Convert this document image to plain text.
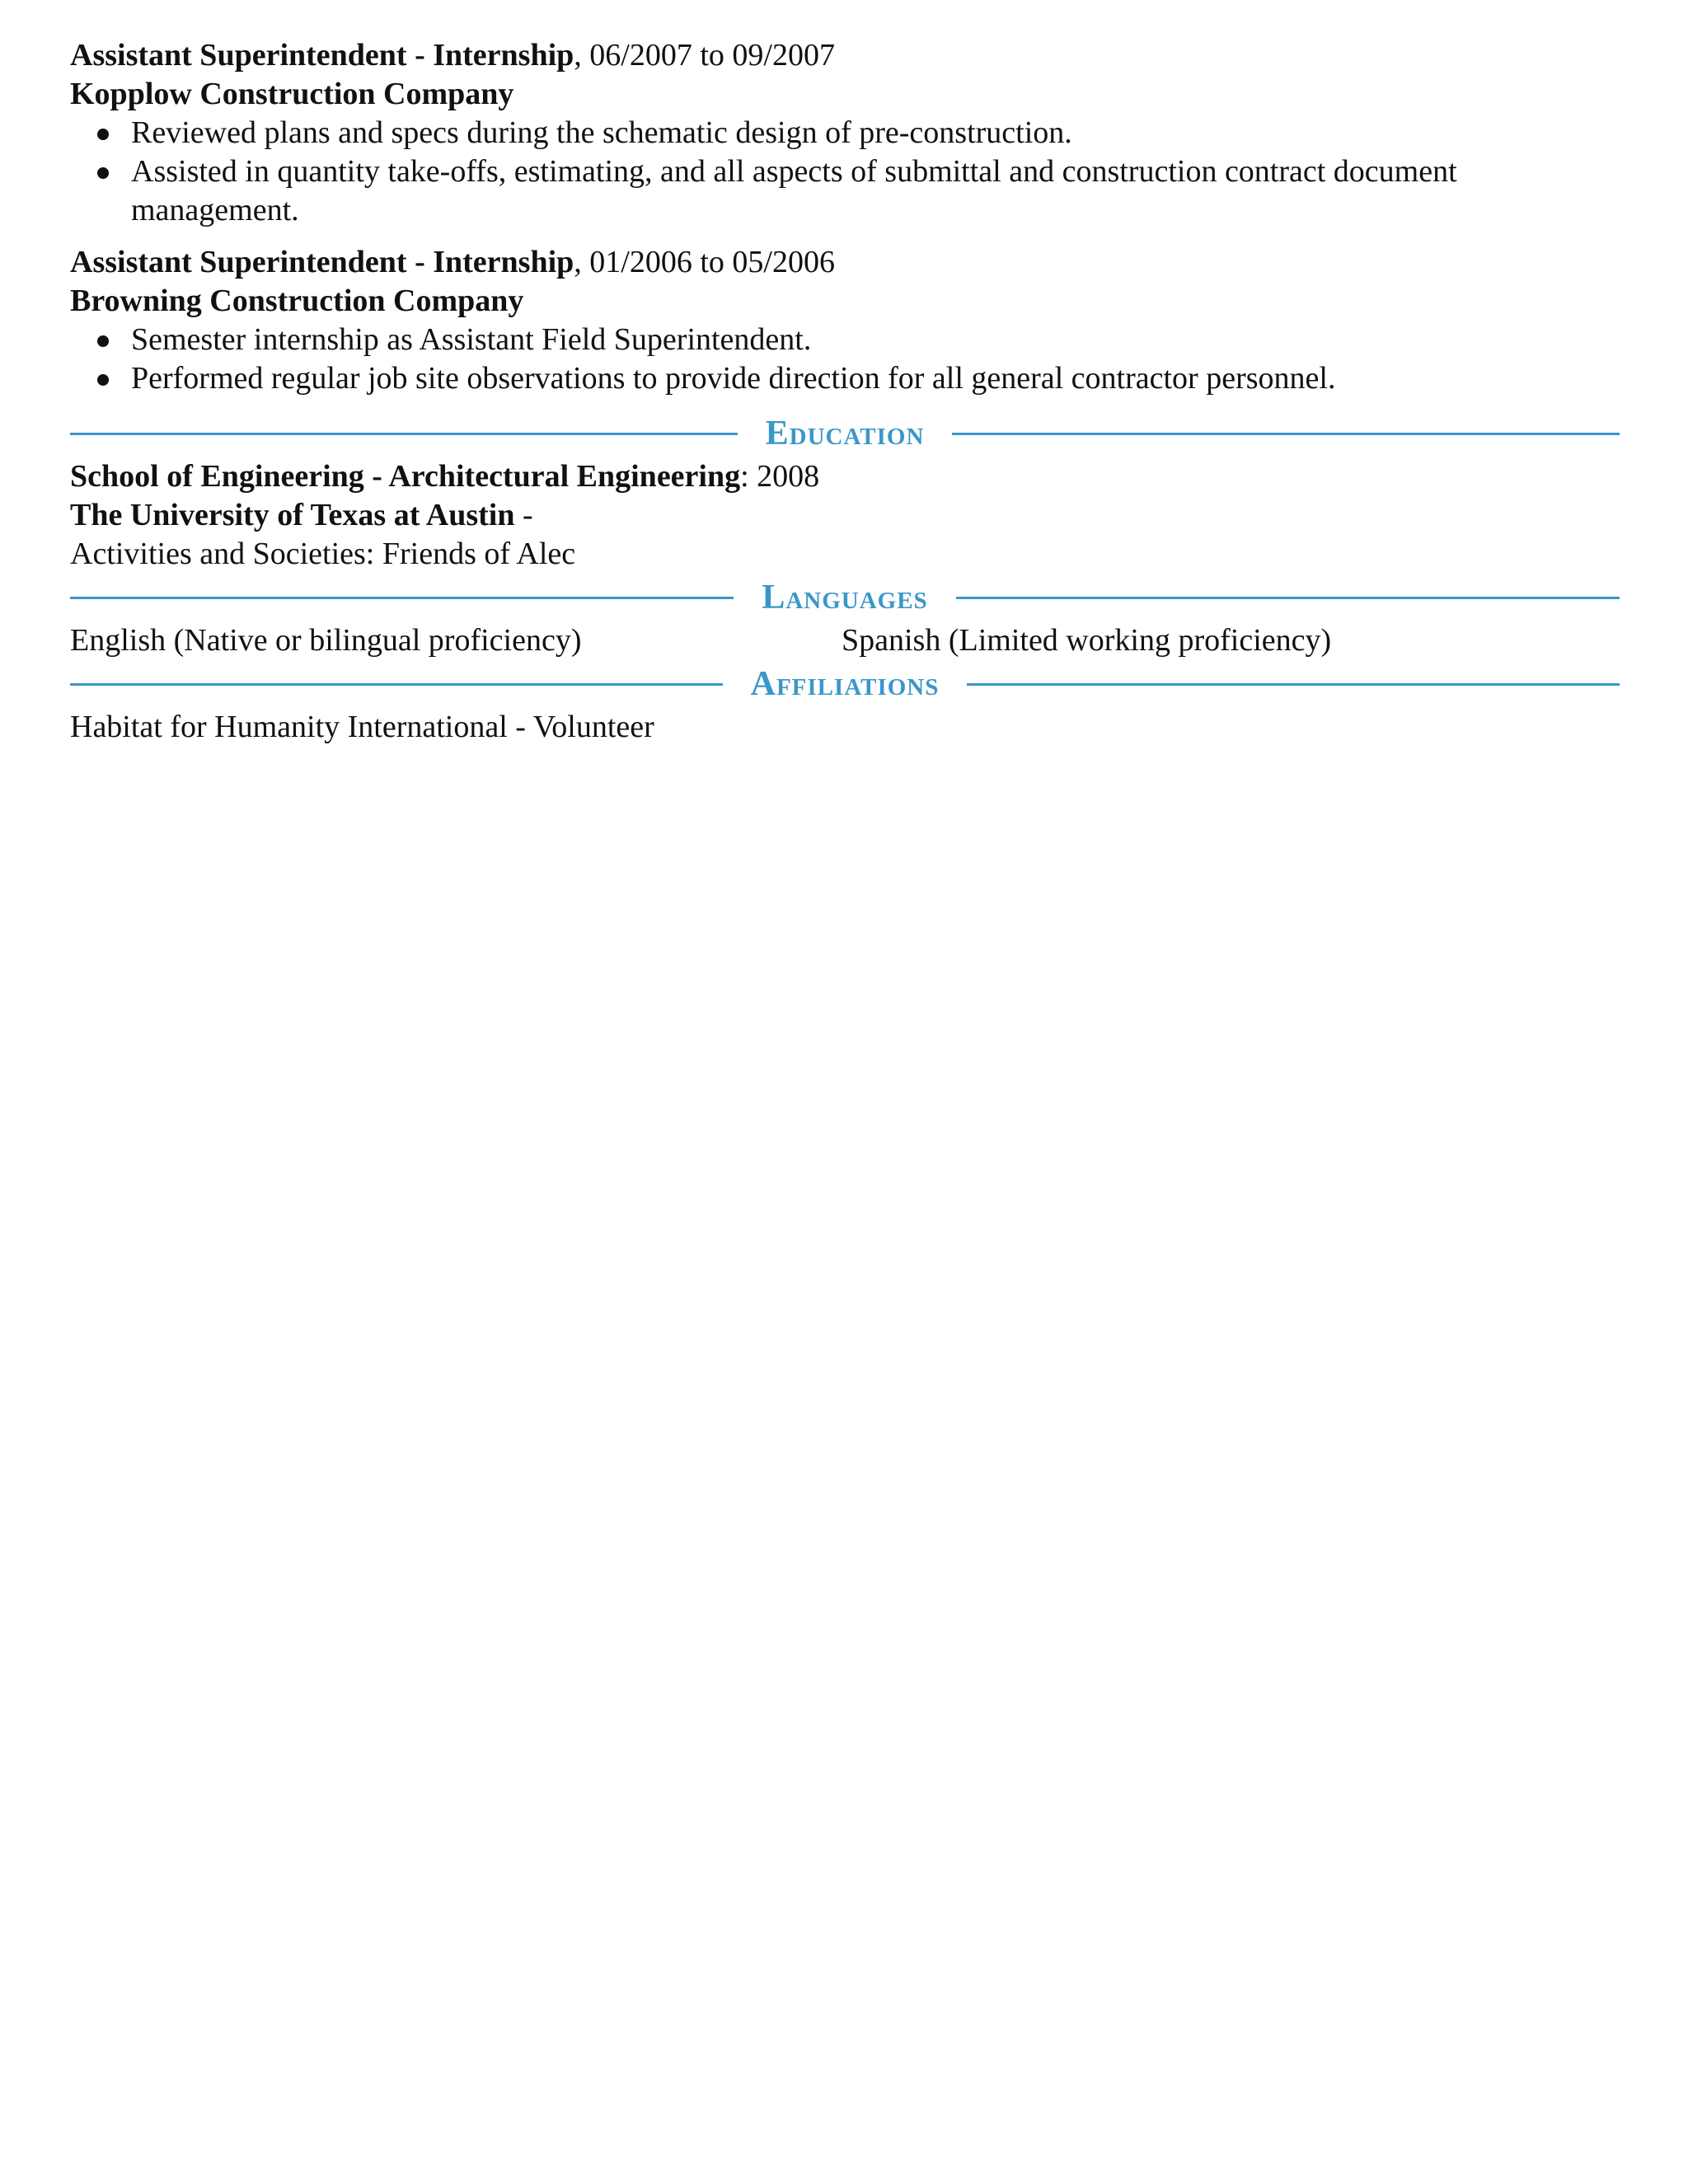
Assistant Superintendent - Internship, 06/2007 to 09/2007
Kopplow Construction Company
Reviewed plans and specs during the schematic design of pre-construction.
Assisted in quantity take-offs, estimating, and all aspects of submittal and construction contract document management.
Assistant Superintendent - Internship, 01/2006 to 05/2006
Browning Construction Company
Semester internship as Assistant Field Superintendent.
Performed regular job site observations to provide direction for all general contractor personnel.
Education
School of Engineering - Architectural Engineering: 2008
The University of Texas at Austin -
Activities and Societies: Friends of Alec
Languages
English (Native or bilingual proficiency)	Spanish (Limited working proficiency)
Affiliations
Habitat for Humanity International - Volunteer
